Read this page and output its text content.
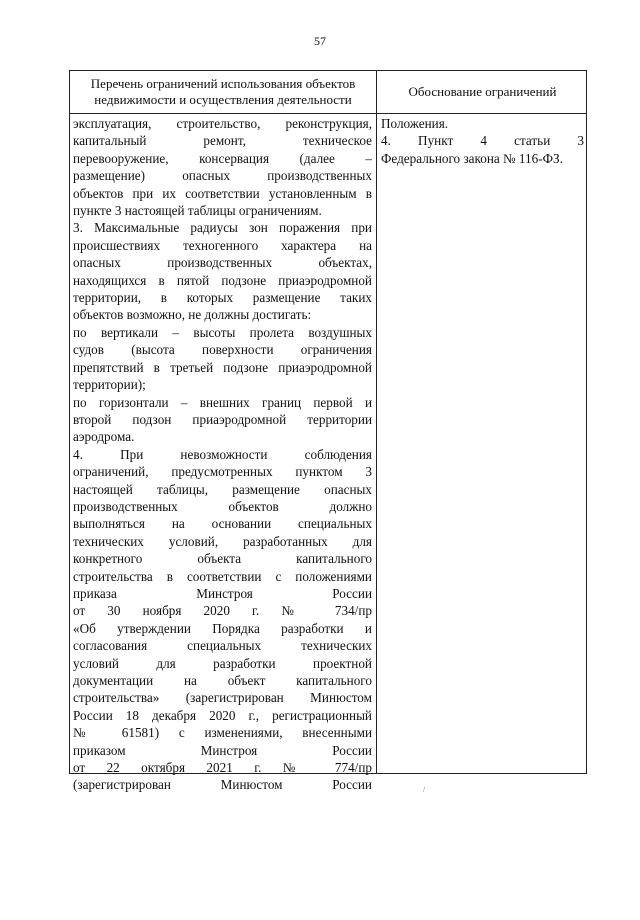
57
Перечень ограничений использования объектов недвижимости и осуществления деятельности
Обоснование ограничений
эксплуатация, строительство, реконструкция,
капитальный ремонт, техническое
перевооружение, консервация (далее –
размещение) опасных производственных
объектов при их соответствии установленным в
пункте 3 настоящей таблицы ограничениям.
3. Максимальные радиусы зон поражения при
происшествиях техногенного характера на
опасных производственных объектах,
находящихся в пятой подзоне приаэродромной
территории, в которых размещение таких
объектов возможно, не должны достигать:
по вертикали – высоты пролета воздушных
судов (высота поверхности ограничения
препятствий в третьей подзоне приаэродромной
территории);
по горизонтали – внешних границ первой и
второй подзон приаэродромной территории
аэродрома.
4. При невозможности соблюдения
ограничений, предусмотренных пунктом 3
настоящей таблицы, размещение опасных
производственных объектов должно
выполняться на основании специальных
технических условий, разработанных для
конкретного объекта капитального
строительства в соответствии с положениями
приказа Минстроя России
от 30 ноября 2020 г. № 734/пр
«Об утверждении Порядка разработки и
согласования специальных технических
условий для разработки проектной
документации на объект капитального
строительства» (зарегистрирован Минюстом
России 18 декабря 2020 г., регистрационный
№ 61581) с изменениями, внесенными
приказом Минстроя России
от 22 октября 2021 г. № 774/пр
(зарегистрирован Минюстом России
Положения.
4. Пункт 4 статьи 3
Федерального закона № 116-ФЗ.
/
